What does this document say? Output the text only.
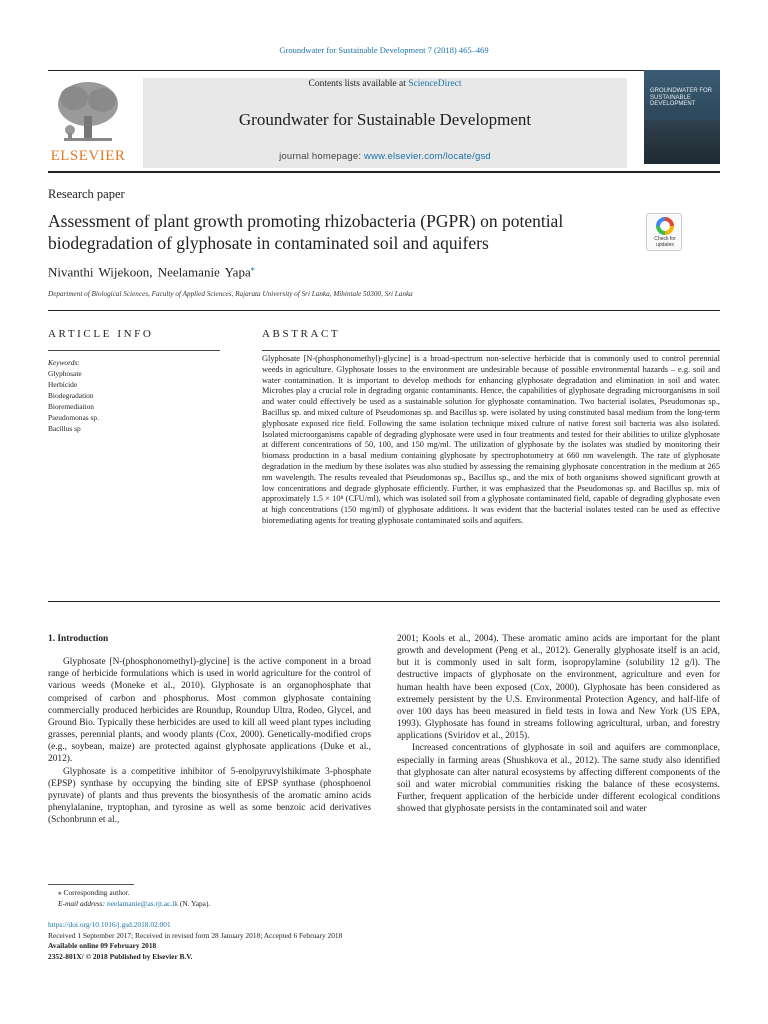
Groundwater for Sustainable Development 7 (2018) 465–469
ELSEVIER
Contents lists available at ScienceDirect
Groundwater for Sustainable Development
journal homepage: www.elsevier.com/locate/gsd
GROUNDWATER FOR SUSTAINABLE DEVELOPMENT
Research paper
Assessment of plant growth promoting rhizobacteria (PGPR) on potential biodegradation of glyphosate in contaminated soil and aquifers	Check for updates
Nivanthi Wijekoon, Neelamanie Yapa⁎
Department of Biological Sciences, Faculty of Applied Sciences, Rajarata University of Sri Lanka, Mihintale 50300, Sri Lanka
ARTICLE INFO
Keywords:
Glyphosate
Herbicide
Biodegradation
Bioremediation
Pseudomonas sp.
Bacillus sp
ABSTRACT
Glyphosate [N-(phosphonomethyl)-glycine] is a broad-spectrum non-selective herbicide that is commonly used to control perennial weeds in agriculture. Glyphosate losses to the environment are undesirable because of possible environmental hazards – e.g. soil and water contamination. It is important to develop methods for enhancing glyphosate degradation and elimination in soil and water. Microbes play a crucial role in degrading organic contaminants. Hence, the capabilities of glyphosate degrading microorganisms in soil and water could effectively be used as a sustainable solution for glyphosate contamination. Two bacterial isolates, Pseudomonas sp., Bacillus sp. and mixed culture of Pseudomonas sp. and Bacillus sp. were isolated by using constituted basal medium from the long-term glyphosate exposed rice field. Following the same isolation technique mixed culture of native forest soil bacteria was also isolated. Isolated microorganisms capable of degrading glyphosate were used in four treatments and tested for their abilities to utilize glyphosate at different concentrations of 50, 100, and 150 mg/ml. The utilization of glyphosate by the isolates was studied by monitoring their biomass production in a basal medium containing glyphosate by spectrophotometry at 660 nm wavelength. The rate of glyphosate degradation in the medium by these isolates was also studied by assessing the remaining glyphosate concentration in the medium at 265 nm wavelength. The results revealed that Pseudomonas sp., Bacillus sp., and the mix of both organisms showed significant growth at low concentrations and degrade glyphosate efficiently. Further, it was emphasized that the Pseudomonas sp. and Bacillus sp. mix of approximately 1.5 × 10⁸ (CFU/ml), which was isolated soil from a glyphosate contaminated field, capable of degrading glyphosate even at high concentrations (150 mg/ml) of glyphosate additions. It was evident that the bacterial isolates tested can be used as effective bioremediating agents for treating glyphosate contaminated soils and aquifers.
1. Introduction

Glyphosate [N-(phosphonomethyl)-glycine] is the active component in a broad range of herbicide formulations which is used in world agriculture for the control of various weeds (Moneke et al., 2010). Glyphosate is an organophosphate that comprised of carbon and phosphorus. Most common glyphosate containing commercially produced herbicides are Roundup, Roundup Ultra, Rodeo, Glycel, and Ground Bio. Typically these herbicides are used to kill all weed plant types including grasses, perennial plants, and woody plants (Cox, 2000). Genetically-modified crops (e.g., soybean, maize) are protected against glyphosate applications (Duke et al., 2012).

Glyphosate is a competitive inhibitor of 5-enolpyruvylshikimate 3-phosphate (EPSP) synthase by occupying the binding site of EPSP synthase (phosphoenol pyruvate) of plants and thus prevents the biosynthesis of the aromatic amino acids phenylalanine, tryptophan, and tyrosine as well as some benzoic acid derivatives (Schonbrunn et al.,

2001; Kools et al., 2004). These aromatic amino acids are important for the plant growth and development (Peng et al., 2012). Generally glyphosate itself is an acid, but it is commonly used in salt form, isopropylamine (solubility 12 g/l). The destructive impacts of glyphosate on the environment, agriculture and even for human health have been exposed (Cox, 2000). Glyphosate has been considered as extremely persistent by the U.S. Environmental Protection Agency, and half-life of over 100 days has been measured in field tests in Iowa and New York (US EPA, 1993). Glyphosate has found in streams following agricultural, urban, and forestry applications (Sviridov et al., 2015).

Increased concentrations of glyphosate in soil and aquifers are commonplace, especially in farming areas (Shushkova et al., 2012). The same study also identified that glyphosate can alter natural ecosystems by affecting different components of the soil and water microbial communities risking the balance of these ecosystems. Further, frequent application of the herbicide under different ecological conditions showed that glyphosate persists in the contaminated soil and water

⁎ Corresponding author.
E-mail address: neelamanie@as.rjt.ac.lk (N. Yapa).
https://doi.org/10.1016/j.gsd.2018.02.001
Received 1 September 2017; Received in revised form 28 January 2018; Accepted 6 February 2018
Available online 09 February 2018
2352-801X/ © 2018 Published by Elsevier B.V.
